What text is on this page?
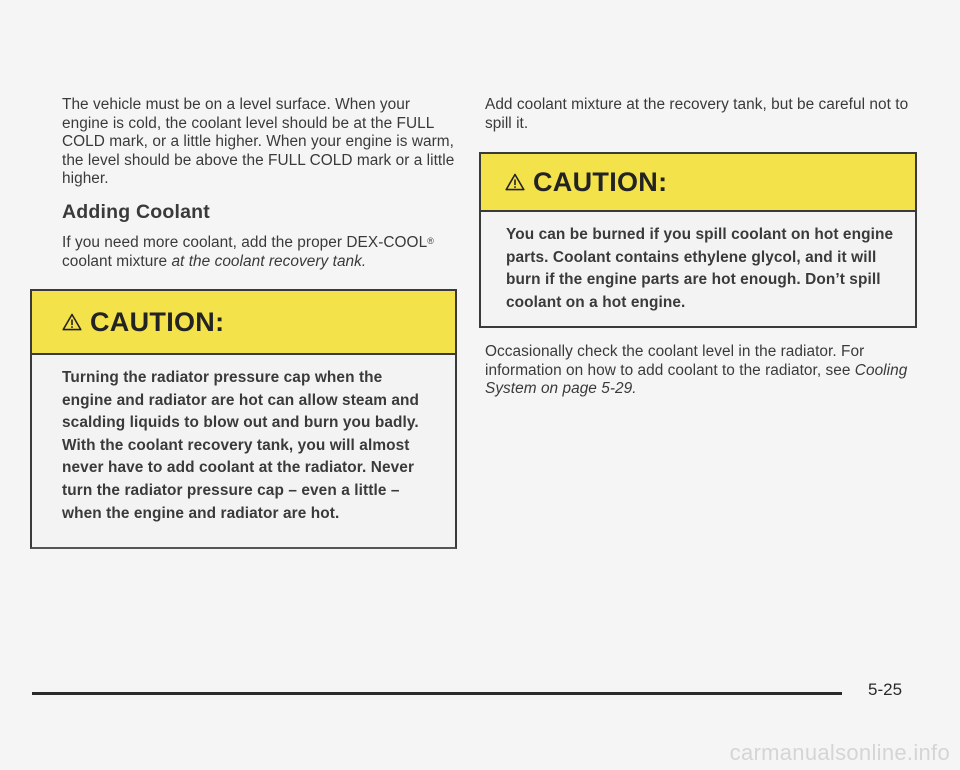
The vehicle must be on a level surface. When your engine is cold, the coolant level should be at the FULL COLD mark, or a little higher. When your engine is warm, the level should be above the FULL COLD mark or a little higher.

Adding Coolant

If you need more coolant, add the proper DEX-COOL® coolant mixture at the coolant recovery tank.

CAUTION:
Turning the radiator pressure cap when the engine and radiator are hot can allow steam and scalding liquids to blow out and burn you badly. With the coolant recovery tank, you will almost never have to add coolant at the radiator. Never turn the radiator pressure cap – even a little – when the engine and radiator are hot.

Add coolant mixture at the recovery tank, but be careful not to spill it.

CAUTION:
You can be burned if you spill coolant on hot engine parts. Coolant contains ethylene glycol, and it will burn if the engine parts are hot enough. Don’t spill coolant on a hot engine.

Occasionally check the coolant level in the radiator. For information on how to add coolant to the radiator, see Cooling System on page 5-29.

5-25
carmanualsonline.info
